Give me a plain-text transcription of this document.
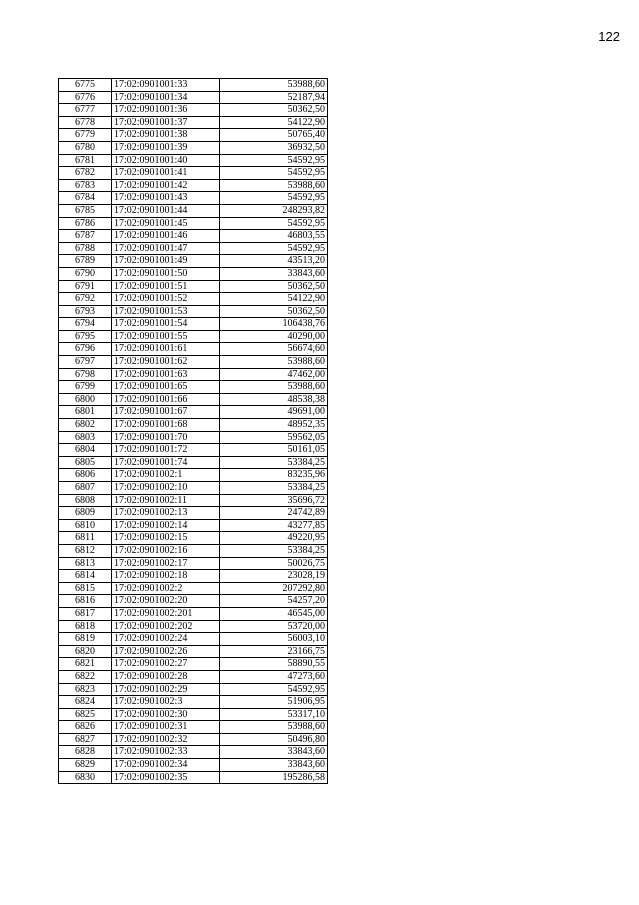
122
6775	17:02:0901001:33	53988,60
6776	17:02:0901001:34	52187,94
6777	17:02:0901001:36	50362,50
6778	17:02:0901001:37	54122,90
6779	17:02:0901001:38	50765,40
6780	17:02:0901001:39	36932,50
6781	17:02:0901001:40	54592,95
6782	17:02:0901001:41	54592,95
6783	17:02:0901001:42	53988,60
6784	17:02:0901001:43	54592,95
6785	17:02:0901001:44	248293,82
6786	17:02:0901001:45	54592,95
6787	17:02:0901001:46	46803,55
6788	17:02:0901001:47	54592,95
6789	17:02:0901001:49	43513,20
6790	17:02:0901001:50	33843,60
6791	17:02:0901001:51	50362,50
6792	17:02:0901001:52	54122,90
6793	17:02:0901001:53	50362,50
6794	17:02:0901001:54	106438,76
6795	17:02:0901001:55	40290,00
6796	17:02:0901001:61	56674,60
6797	17:02:0901001:62	53988,60
6798	17:02:0901001:63	47462,00
6799	17:02:0901001:65	53988,60
6800	17:02:0901001:66	48538,38
6801	17:02:0901001:67	49691,00
6802	17:02:0901001:68	48952,35
6803	17:02:0901001:70	59562,05
6804	17:02:0901001:72	50161,05
6805	17:02:0901001:74	53384,25
6806	17:02:0901002:1	83235,96
6807	17:02:0901002:10	53384,25
6808	17:02:0901002:11	35696,72
6809	17:02:0901002:13	24742,89
6810	17:02:0901002:14	43277,85
6811	17:02:0901002:15	49220,95
6812	17:02:0901002:16	53384,25
6813	17:02:0901002:17	50026,75
6814	17:02:0901002:18	23028,19
6815	17:02:0901002:2	207292,80
6816	17:02:0901002:20	54257,20
6817	17:02:0901002:201	46545,00
6818	17:02:0901002:202	53720,00
6819	17:02:0901002:24	56003,10
6820	17:02:0901002:26	23166,75
6821	17:02:0901002:27	58890,55
6822	17:02:0901002:28	47273,60
6823	17:02:0901002:29	54592,95
6824	17:02:0901002:3	51906,95
6825	17:02:0901002:30	53317,10
6826	17:02:0901002:31	53988,60
6827	17:02:0901002:32	50496,80
6828	17:02:0901002:33	33843,60
6829	17:02:0901002:34	33843,60
6830	17:02:0901002:35	195286,58
